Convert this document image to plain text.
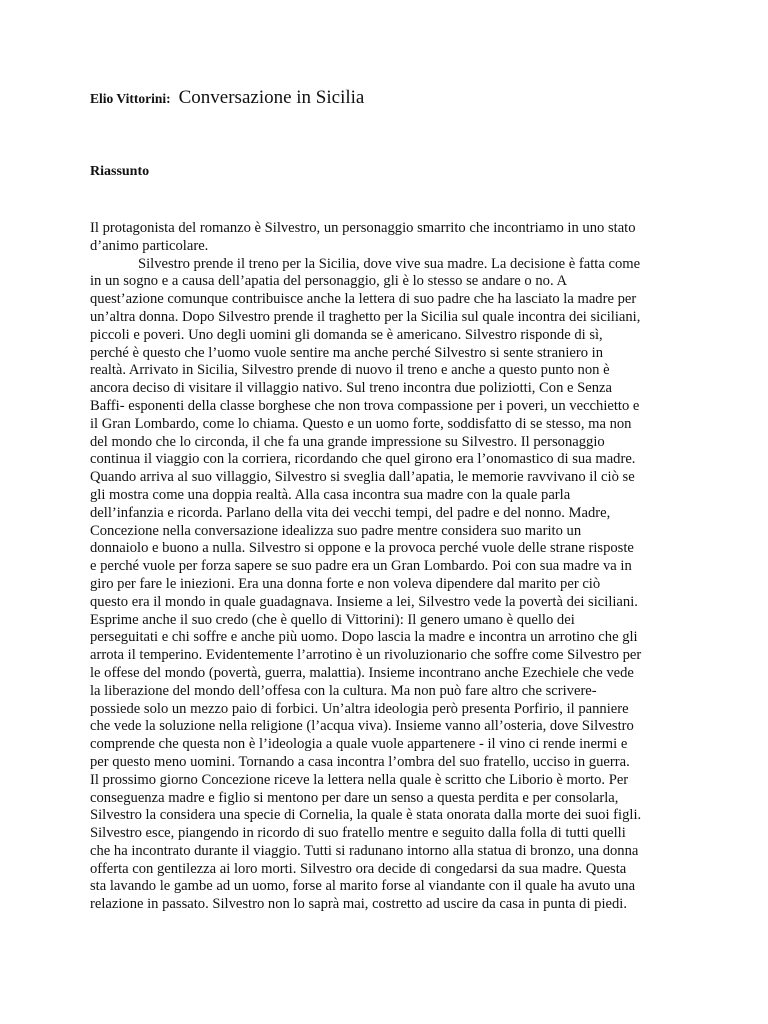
Elio Vittorini: Conversazione in Sicilia
Riassunto
Il protagonista del romanzo è Silvestro, un personaggio smarrito che incontriamo in uno stato
d’animo particolare.
Silvestro prende il treno per la Sicilia, dove vive sua madre. La decisione è fatta come
in un sogno e a causa dell’apatia del personaggio, gli è lo stesso se andare o no. A
quest’azione comunque contribuisce anche la lettera di suo padre che ha lasciato la madre per
un’altra donna. Dopo Silvestro prende il traghetto per la Sicilia sul quale incontra dei siciliani,
piccoli e poveri. Uno degli uomini gli domanda se è americano. Silvestro risponde di sì,
perché è questo che l’uomo vuole sentire ma anche perché Silvestro si sente straniero in
realtà. Arrivato in Sicilia, Silvestro prende di nuovo il treno e anche a questo punto non è
ancora deciso di visitare il villaggio nativo. Sul treno incontra due poliziotti, Con e Senza
Baffi- esponenti della classe borghese che non trova compassione per i poveri, un vecchietto e
il Gran Lombardo, come lo chiama. Questo e un uomo forte, soddisfatto di se stesso, ma non
del mondo che lo circonda, il che fa una grande impressione su Silvestro. Il personaggio
continua il viaggio con la corriera, ricordando che quel girono era l’onomastico di sua madre.
Quando arriva al suo villaggio, Silvestro si sveglia dall’apatia, le memorie ravvivano il ciò se
gli mostra come una doppia realtà. Alla casa incontra sua madre con la quale parla
dell’infanzia e ricorda. Parlano della vita dei vecchi tempi, del padre e del nonno. Madre,
Concezione nella conversazione idealizza suo padre mentre considera suo marito un
donnaiolo e buono a nulla. Silvestro si oppone e la provoca perché vuole delle strane risposte
e perché vuole per forza sapere se suo padre era un Gran Lombardo. Poi con sua madre va in
giro per fare le iniezioni. Era una donna forte e non voleva dipendere dal marito per ciò
questo era il mondo in quale guadagnava. Insieme a lei, Silvestro vede la povertà dei siciliani.
Esprime anche il suo credo (che è quello di Vittorini): Il genero umano è quello dei
perseguitati e chi soffre e anche più uomo. Dopo lascia la madre e incontra un arrotino che gli
arrota il temperino. Evidentemente l’arrotino è un rivoluzionario che soffre come Silvestro per
le offese del mondo (povertà, guerra, malattia). Insieme incontrano anche Ezechiele che vede
la liberazione del mondo dell’offesa con la cultura. Ma non può fare altro che scrivere-
possiede solo un mezzo paio di forbici. Un’altra ideologia però presenta Porfirio, il panniere
che vede la soluzione nella religione (l’acqua viva). Insieme vanno all’osteria, dove Silvestro
comprende che questa non è l’ideologia a quale vuole appartenere - il vino ci rende inermi e
per questo meno uomini. Tornando a casa incontra l’ombra del suo fratello, ucciso in guerra.
Il prossimo giorno Concezione riceve la lettera nella quale è scritto che Liborio è morto. Per
conseguenza madre e figlio si mentono per dare un senso a questa perdita e per consolarla,
Silvestro la considera una specie di Cornelia, la quale è stata onorata dalla morte dei suoi figli.
Silvestro esce, piangendo in ricordo di suo fratello mentre e seguito dalla folla di tutti quelli
che ha incontrato durante il viaggio. Tutti si radunano intorno alla statua di bronzo, una donna
offerta con gentilezza ai loro morti. Silvestro ora decide di congedarsi da sua madre. Questa
sta lavando le gambe ad un uomo, forse al marito forse al viandante con il quale ha avuto una
relazione in passato. Silvestro non lo saprà mai, costretto ad uscire da casa in punta di piedi.
